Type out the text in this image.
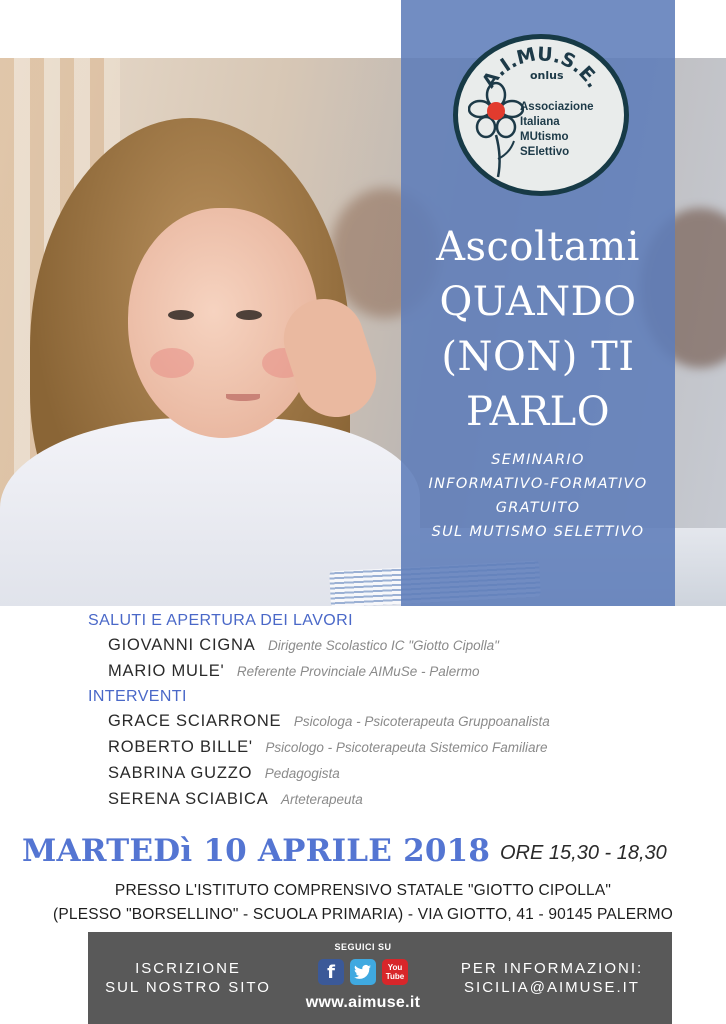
A.I.MU.S.E.
onlus
Associazione
Italiana
MUtismo
SElettivo
Ascoltami
QUANDO
(NON) TI
PARLO
SEMINARIO
INFORMATIVO-FORMATIVO
GRATUITO
SUL MUTISMO SELETTIVO
SALUTI E APERTURA DEI LAVORI
GIOVANNI CIGNA Dirigente Scolastico IC "Giotto Cipolla"
MARIO MULE' Referente Provinciale AIMuSe - Palermo
INTERVENTI
GRACE SCIARRONE Psicologa - Psicoterapeuta Gruppoanalista
ROBERTO BILLE' Psicologo - Psicoterapeuta Sistemico Familiare
SABRINA GUZZO Pedagogista
SERENA SCIABICA Arteterapeuta
MARTEDì 10 APRILE 2018 ORE 15,30 - 18,30
PRESSO L'ISTITUTO COMPRENSIVO STATALE "GIOTTO CIPOLLA"
(PLESSO "BORSELLINO" - SCUOLA PRIMARIA) - VIA GIOTTO, 41 - 90145 PALERMO
ISCRIZIONE
SUL NOSTRO SITO
SEGUICI SU
f	You
Tube
www.aimuse.it
PER INFORMAZIONI:
SICILIA@AIMUSE.IT
